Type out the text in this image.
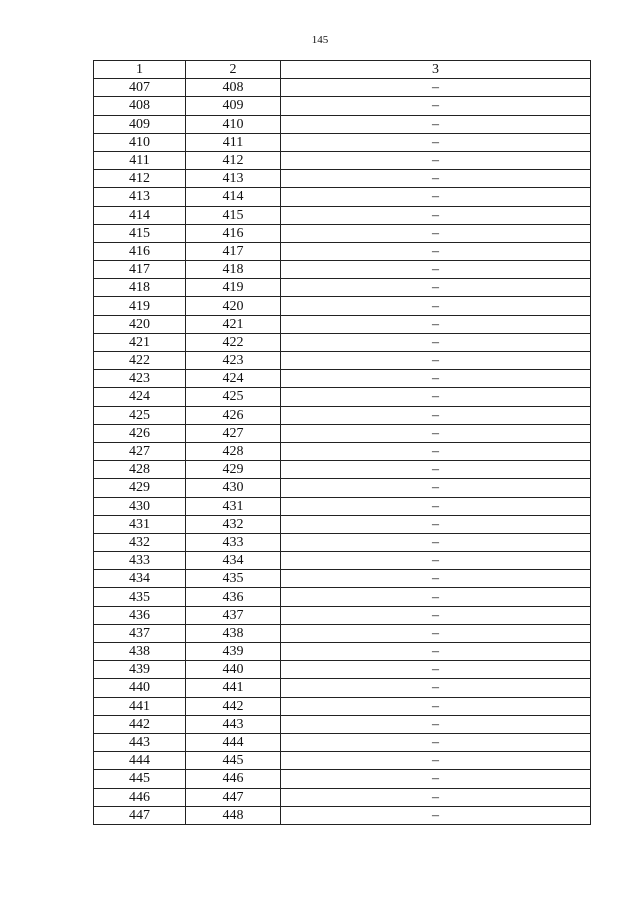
145
1	2	3
407	408	–
408	409	–
409	410	–
410	411	–
411	412	–
412	413	–
413	414	–
414	415	–
415	416	–
416	417	–
417	418	–
418	419	–
419	420	–
420	421	–
421	422	–
422	423	–
423	424	–
424	425	–
425	426	–
426	427	–
427	428	–
428	429	–
429	430	–
430	431	–
431	432	–
432	433	–
433	434	–
434	435	–
435	436	–
436	437	–
437	438	–
438	439	–
439	440	–
440	441	–
441	442	–
442	443	–
443	444	–
444	445	–
445	446	–
446	447	–
447	448	–
